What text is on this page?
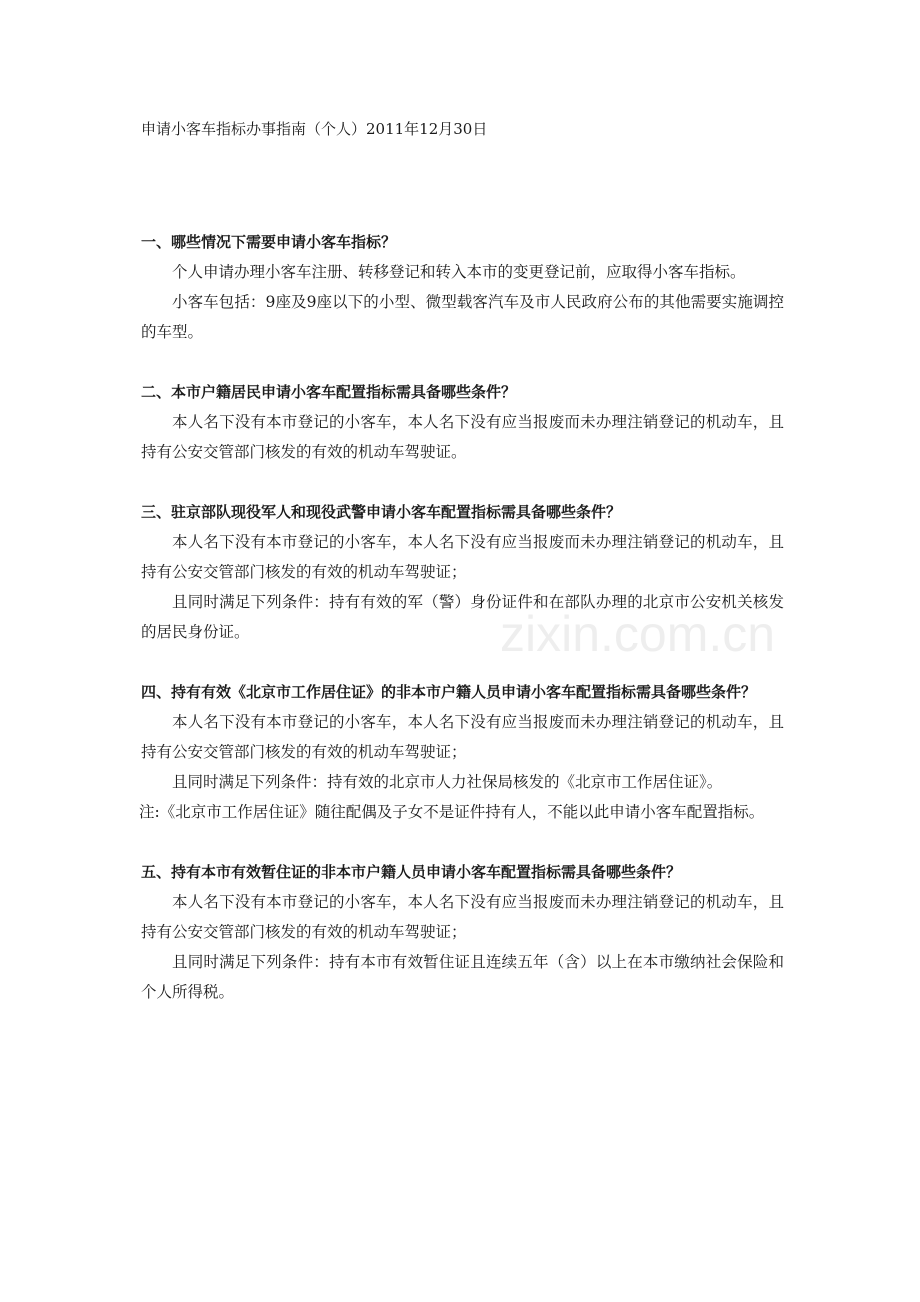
申请小客车指标办事指南（个人）2011年12月30日

一、哪些情况下需要申请小客车指标？

个人申请办理小客车注册、转移登记和转入本市的变更登记前，应取得小客车指标。

小客车包括：9座及9座以下的小型、微型载客汽车及市人民政府公布的其他需要实施调控的车型。

二、本市户籍居民申请小客车配置指标需具备哪些条件？

本人名下没有本市登记的小客车，本人名下没有应当报废而未办理注销登记的机动车，且持有公安交管部门核发的有效的机动车驾驶证。

三、驻京部队现役军人和现役武警申请小客车配置指标需具备哪些条件？

本人名下没有本市登记的小客车，本人名下没有应当报废而未办理注销登记的机动车，且持有公安交管部门核发的有效的机动车驾驶证；

且同时满足下列条件：持有有效的军（警）身份证件和在部队办理的北京市公安机关核发的居民身份证。

四、持有有效《北京市工作居住证》的非本市户籍人员申请小客车配置指标需具备哪些条件？

本人名下没有本市登记的小客车，本人名下没有应当报废而未办理注销登记的机动车，且持有公安交管部门核发的有效的机动车驾驶证；

且同时满足下列条件：持有效的北京市人力社保局核发的《北京市工作居住证》。

注:《北京市工作居住证》随往配偶及子女不是证件持有人，不能以此申请小客车配置指标。

五、持有本市有效暂住证的非本市户籍人员申请小客车配置指标需具备哪些条件？

本人名下没有本市登记的小客车，本人名下没有应当报废而未办理注销登记的机动车，且持有公安交管部门核发的有效的机动车驾驶证；

且同时满足下列条件：持有本市有效暂住证且连续五年（含）以上在本市缴纳社会保险和个人所得税。

zixin.com.cn
